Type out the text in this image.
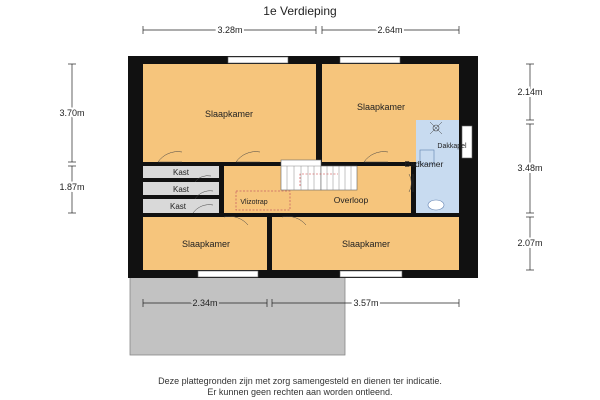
1e Verdieping
Slaapkamer
Slaapkamer
Badkamer
Dakkapel
Kast
Kast
Kast	Vlizotrap	Overloop
Slaapkamer	Slaapkamer
3.28m	2.64m
2.34m	3.57m
3.70m
1.87m
2.14m
3.48m
2.07m
Deze plattegronden zijn met zorg samengesteld en dienen ter indicatie.
Er kunnen geen rechten aan worden ontleend.
